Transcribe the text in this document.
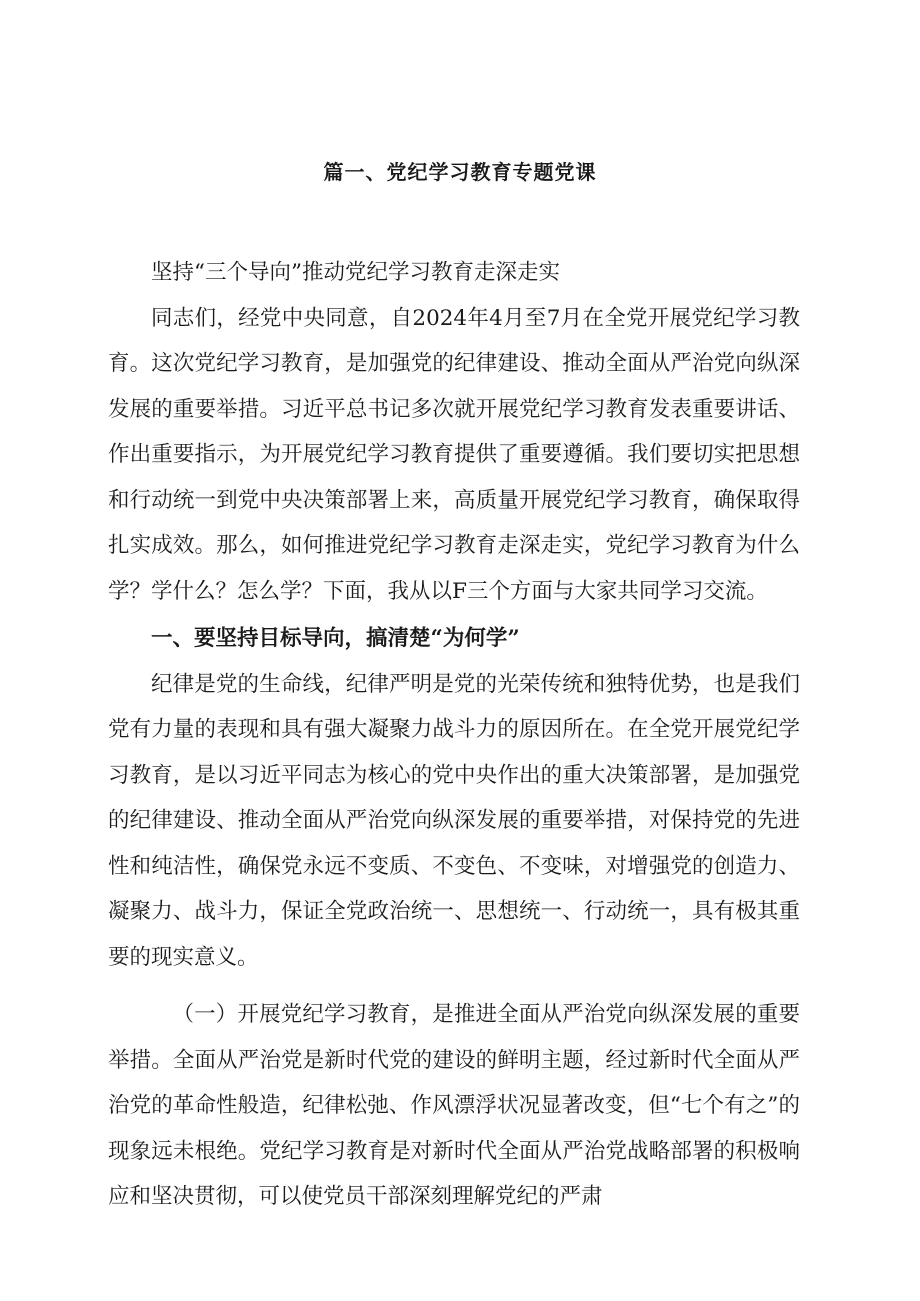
篇一、党纪学习教育专题党课

坚持“三个导向”推动党纪学习教育走深走实

同志们，经党中央同意，自2024年4月至7月在全党开展党纪学习教育。这次党纪学习教育，是加强党的纪律建设、推动全面从严治党向纵深发展的重要举措。习近平总书记多次就开展党纪学习教育发表重要讲话、作出重要指示，为开展党纪学习教育提供了重要遵循。我们要切实把思想和行动统一到党中央决策部署上来，高质量开展党纪学习教育，确保取得扎实成效。那么，如何推进党纪学习教育走深走实，党纪学习教育为什么学？学什么？怎么学？下面，我从以F三个方面与大家共同学习交流。

一、要坚持目标导向，搞清楚“为何学”

纪律是党的生命线，纪律严明是党的光荣传统和独特优势，也是我们党有力量的表现和具有强大凝聚力战斗力的原因所在。在全党开展党纪学习教育，是以习近平同志为核心的党中央作出的重大决策部署，是加强党的纪律建设、推动全面从严治党向纵深发展的重要举措，对保持党的先进性和纯洁性，确保党永远不变质、不变色、不变味，对增强党的创造力、凝聚力、战斗力，保证全党政治统一、思想统一、行动统一，具有极其重要的现实意义。

（一）开展党纪学习教育，是推进全面从严治党向纵深发展的重要举措。全面从严治党是新时代党的建设的鲜明主题，经过新时代全面从严治党的革命性般造，纪律松弛、作风漂浮状况显著改变，但“七个有之”的现象远未根绝。党纪学习教育是对新时代全面从严治党战略部署的积极响应和坚决贯彻，可以使党员干部深刻理解党纪的严肃
